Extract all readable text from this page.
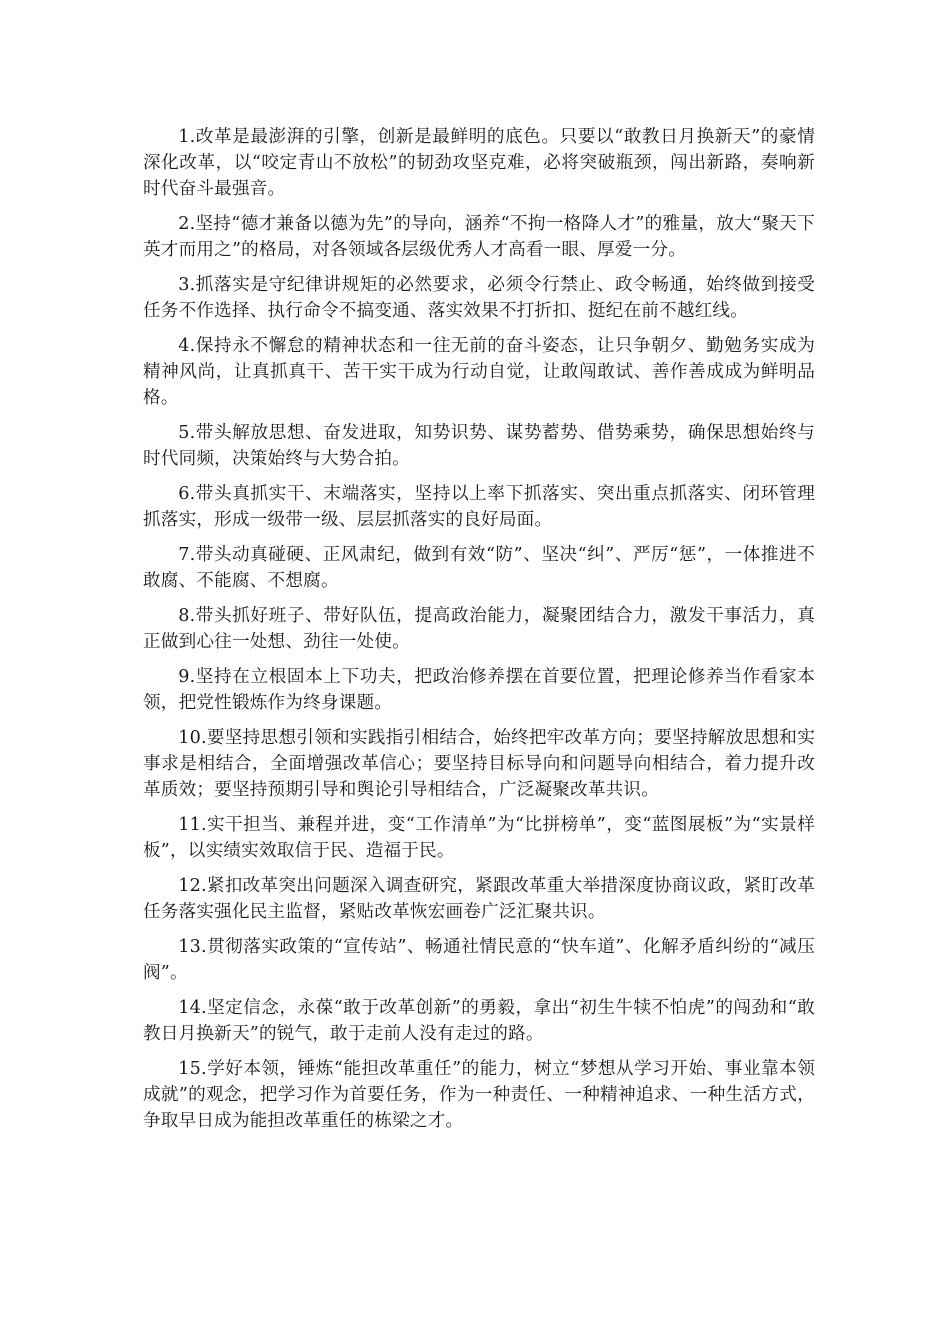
1.改革是最澎湃的引擎，创新是最鲜明的底色。只要以“敢教日月换新天”的豪情深化改革，以“咬定青山不放松”的韧劲攻坚克难，必将突破瓶颈，闯出新路，奏响新时代奋斗最强音。

2.坚持“德才兼备以德为先”的导向，涵养“不拘一格降人才”的雅量，放大“聚天下英才而用之”的格局，对各领域各层级优秀人才高看一眼、厚爱一分。

3.抓落实是守纪律讲规矩的必然要求，必须令行禁止、政令畅通，始终做到接受任务不作选择、执行命令不搞变通、落实效果不打折扣、挺纪在前不越红线。

4.保持永不懈怠的精神状态和一往无前的奋斗姿态，让只争朝夕、勤勉务实成为精神风尚，让真抓真干、苦干实干成为行动自觉，让敢闯敢试、善作善成成为鲜明品格。

5.带头解放思想、奋发进取，知势识势、谋势蓄势、借势乘势，确保思想始终与时代同频，决策始终与大势合拍。

6.带头真抓实干、末端落实，坚持以上率下抓落实、突出重点抓落实、闭环管理抓落实，形成一级带一级、层层抓落实的良好局面。

7.带头动真碰硬、正风肃纪，做到有效“防”、坚决“纠”、严厉“惩”，一体推进不敢腐、不能腐、不想腐。

8.带头抓好班子、带好队伍，提高政治能力，凝聚团结合力，激发干事活力，真正做到心往一处想、劲往一处使。

9.坚持在立根固本上下功夫，把政治修养摆在首要位置，把理论修养当作看家本领，把党性锻炼作为终身课题。

10.要坚持思想引领和实践指引相结合，始终把牢改革方向；要坚持解放思想和实事求是相结合，全面增强改革信心；要坚持目标导向和问题导向相结合，着力提升改革质效；要坚持预期引导和舆论引导相结合，广泛凝聚改革共识。

11.实干担当、兼程并进，变“工作清单”为“比拼榜单”，变“蓝图展板”为“实景样板”，以实绩实效取信于民、造福于民。

12.紧扣改革突出问题深入调查研究，紧跟改革重大举措深度协商议政，紧盯改革任务落实强化民主监督，紧贴改革恢宏画卷广泛汇聚共识。

13.贯彻落实政策的“宣传站”、畅通社情民意的“快车道”、化解矛盾纠纷的“减压阀”。

14.坚定信念，永葆“敢于改革创新”的勇毅，拿出“初生牛犊不怕虎”的闯劲和“敢教日月换新天”的锐气，敢于走前人没有走过的路。

15.学好本领，锤炼“能担改革重任”的能力，树立“梦想从学习开始、事业靠本领成就”的观念，把学习作为首要任务，作为一种责任、一种精神追求、一种生活方式，争取早日成为能担改革重任的栋梁之才。
